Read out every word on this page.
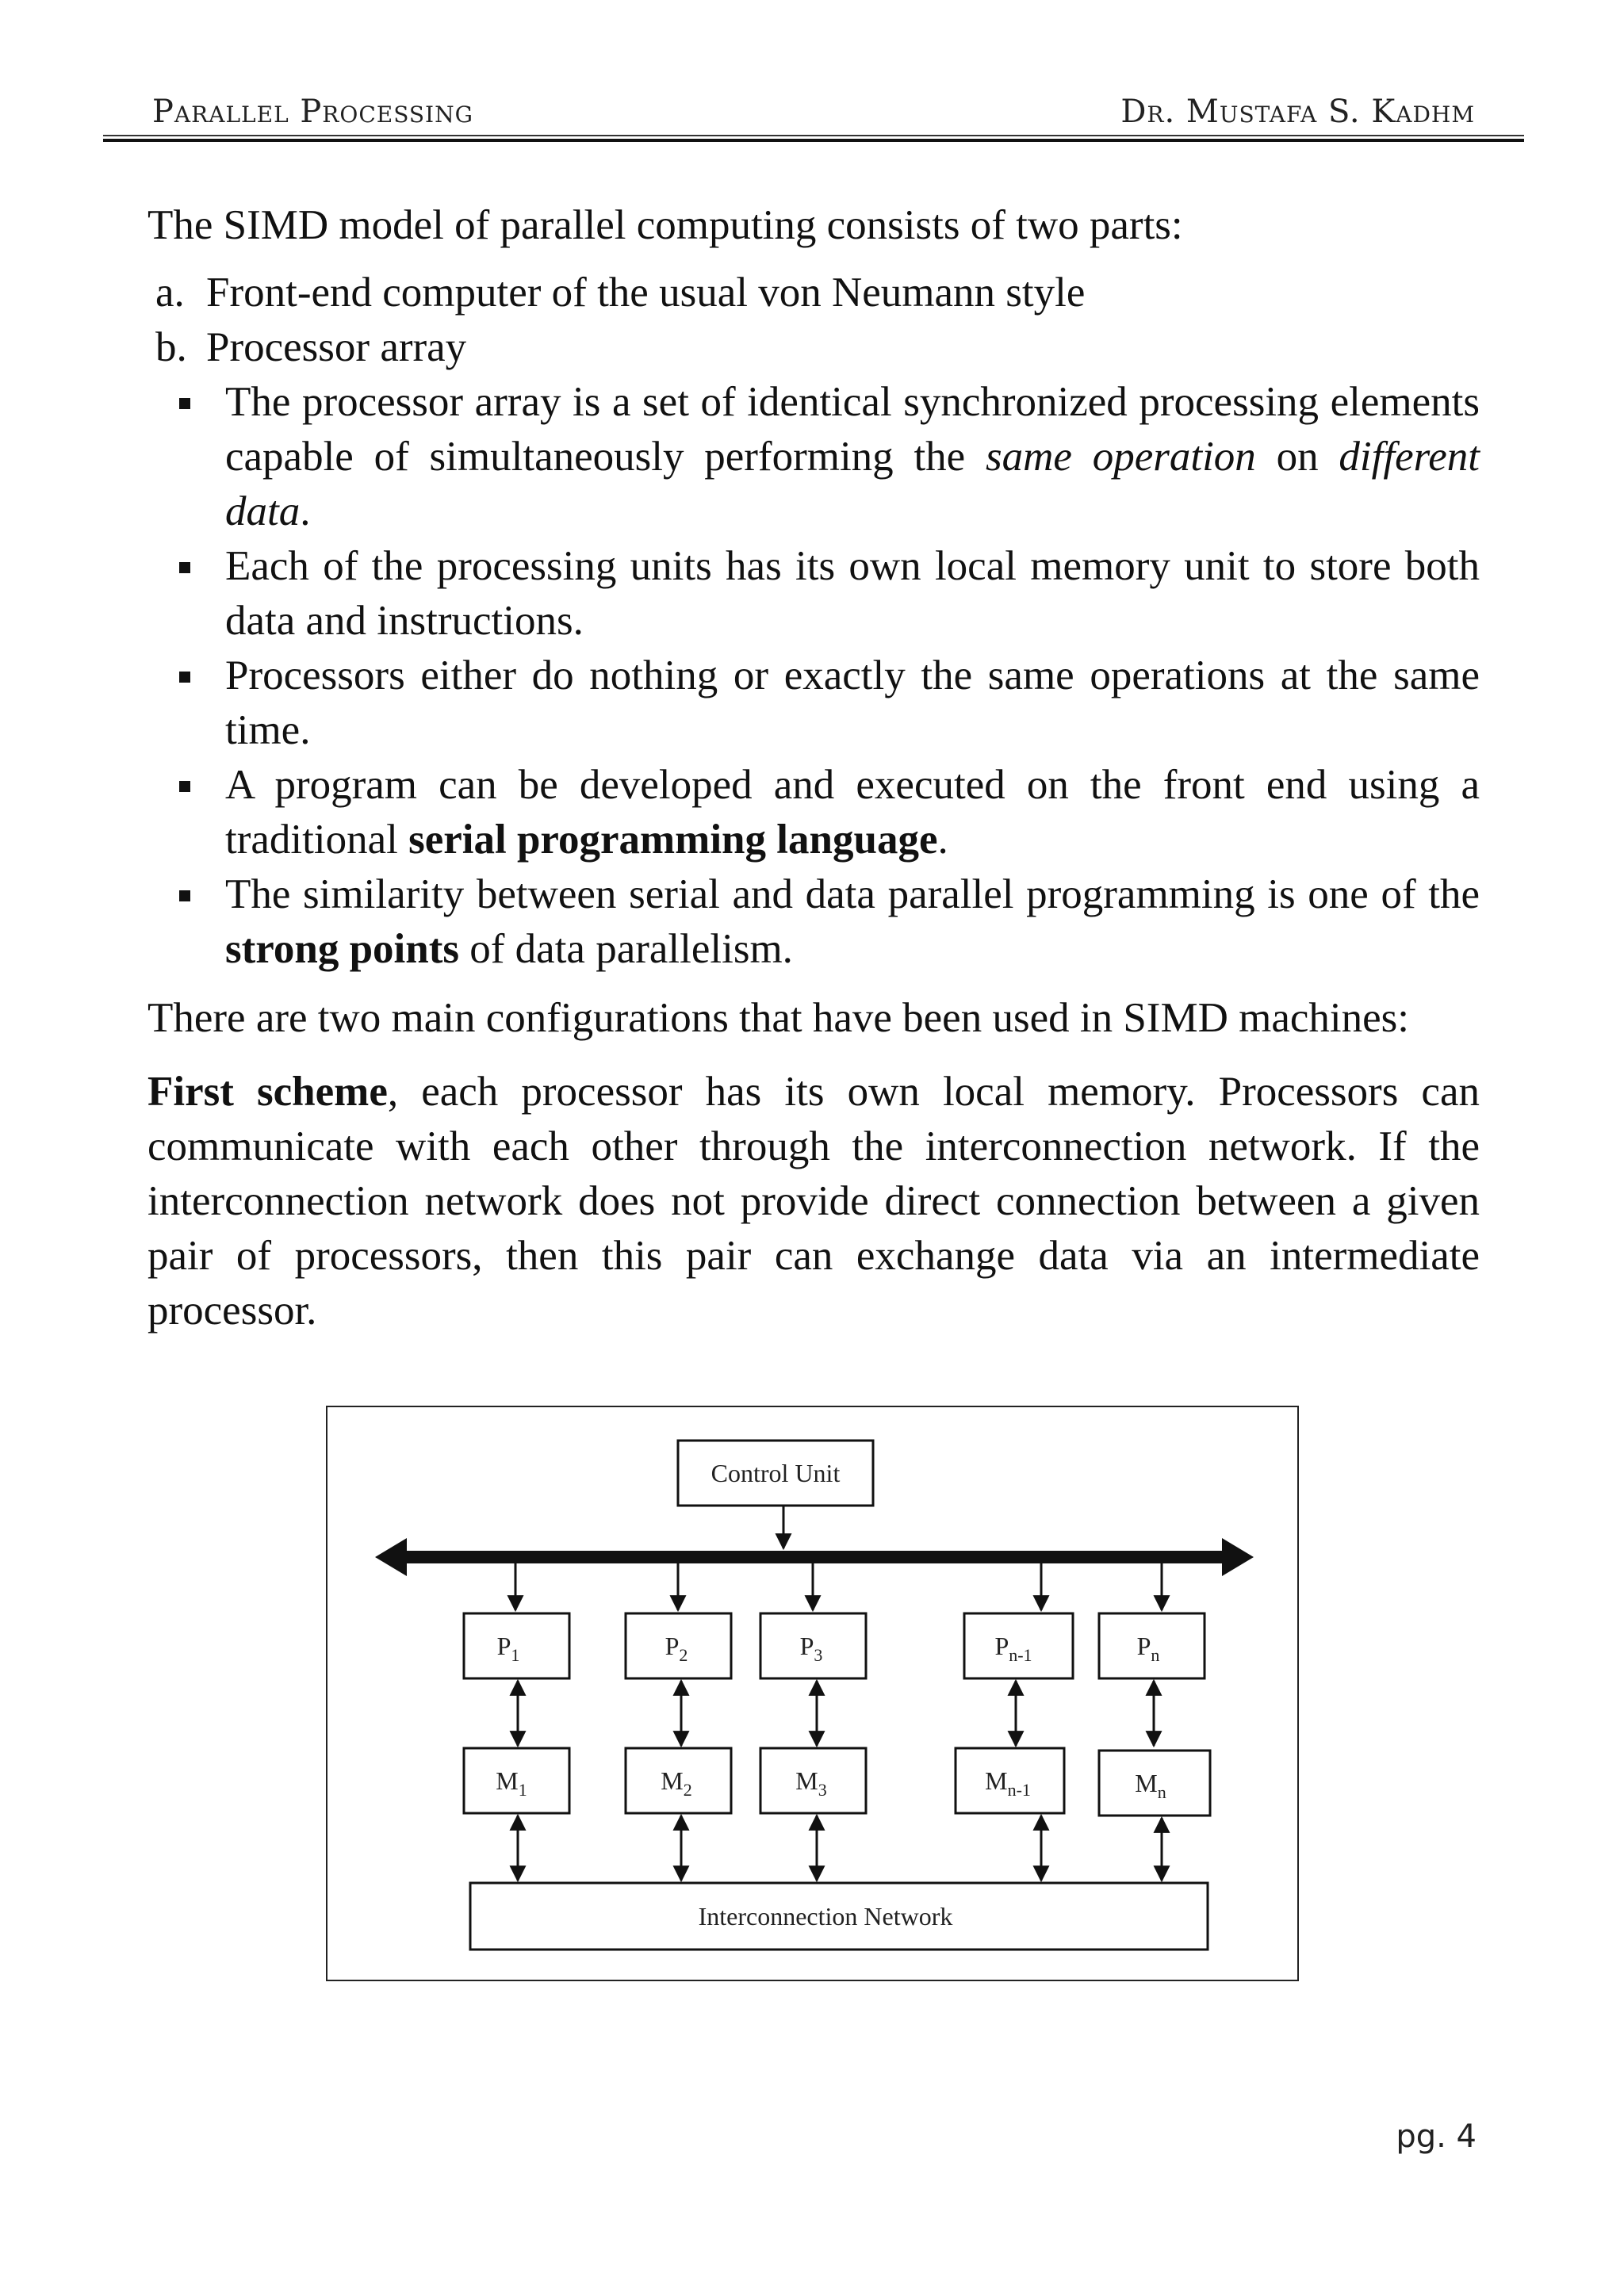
Parallel Processing	Dr. Mustafa S. Kadhm

The SIMD model of parallel computing consists of two parts:

a. Front-end computer of the usual von Neumann style
b. Processor array
The processor array is a set of identical synchronized processing elements capable of simultaneously performing the same operation on different data.
Each of the processing units has its own local memory unit to store both data and instructions.
Processors either do nothing or exactly the same operations at the same time.
A program can be developed and executed on the front end using a traditional serial programming language.
The similarity between serial and data parallel programming is one of the strong points of data parallelism.

There are two main configurations that have been used in SIMD machines:

First scheme, each processor has its own local memory. Processors can communicate with each other through the interconnection network. If the interconnection network does not provide direct connection between a given pair of processors, then this pair can exchange data via an intermediate processor.

Control Unit
$P_1$	$P_2$	$P_3$	$P_{n-1}$	$P_n$
$M_1$	$M_2$	$M_3$	$M_{n-1}$	$M_n$
Interconnection Network
pg. 4
